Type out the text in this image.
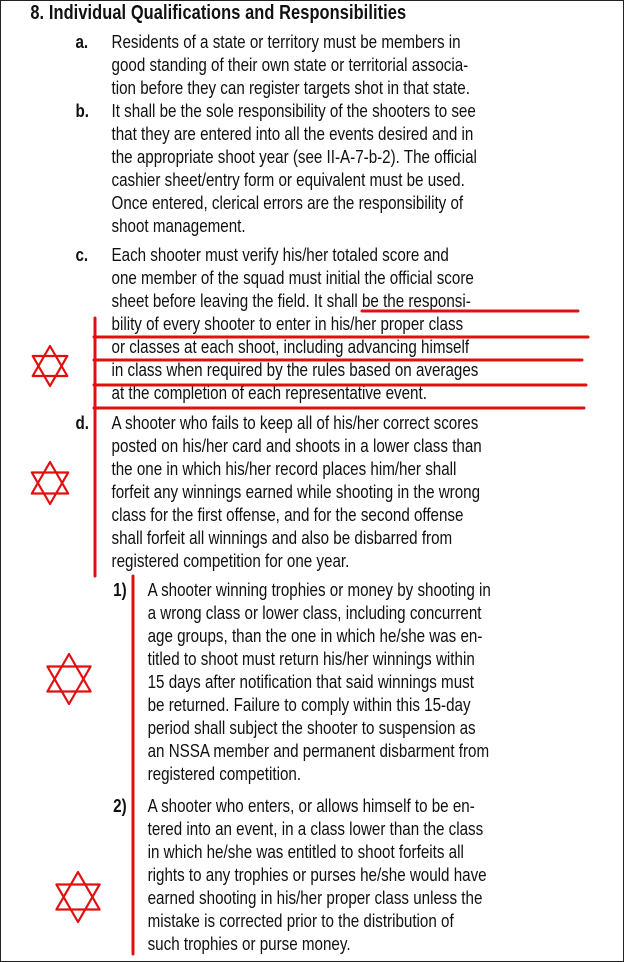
8. Individual Qualifications and Responsibilities
a. Residents of a state or territory must be members in
good standing of their own state or territorial associa-
tion before they can register targets shot in that state.
b. It shall be the sole responsibility of the shooters to see
that they are entered into all the events desired and in
the appropriate shoot year (see II-A-7-b-2). The official
cashier sheet/entry form or equivalent must be used.
Once entered, clerical errors are the responsibility of
shoot management.
c. Each shooter must verify his/her totaled score and
one member of the squad must initial the official score
sheet before leaving the field. It shall be the responsi-
bility of every shooter to enter in his/her proper class
or classes at each shoot, including advancing himself
in class when required by the rules based on averages
at the completion of each representative event.
d. A shooter who fails to keep all of his/her correct scores
posted on his/her card and shoots in a lower class than
the one in which his/her record places him/her shall
forfeit any winnings earned while shooting in the wrong
class for the first offense, and for the second offense
shall forfeit all winnings and also be disbarred from
registered competition for one year.
1) A shooter winning trophies or money by shooting in
a wrong class or lower class, including concurrent
age groups, than the one in which he/she was en-
titled to shoot must return his/her winnings within
15 days after notification that said winnings must
be returned. Failure to comply within this 15-day
period shall subject the shooter to suspension as
an NSSA member and permanent disbarment from
registered competition.
2) A shooter who enters, or allows himself to be en-
tered into an event, in a class lower than the class
in which he/she was entitled to shoot forfeits all
rights to any trophies or purses he/she would have
earned shooting in his/her proper class unless the
mistake is corrected prior to the distribution of
such trophies or purse money.
